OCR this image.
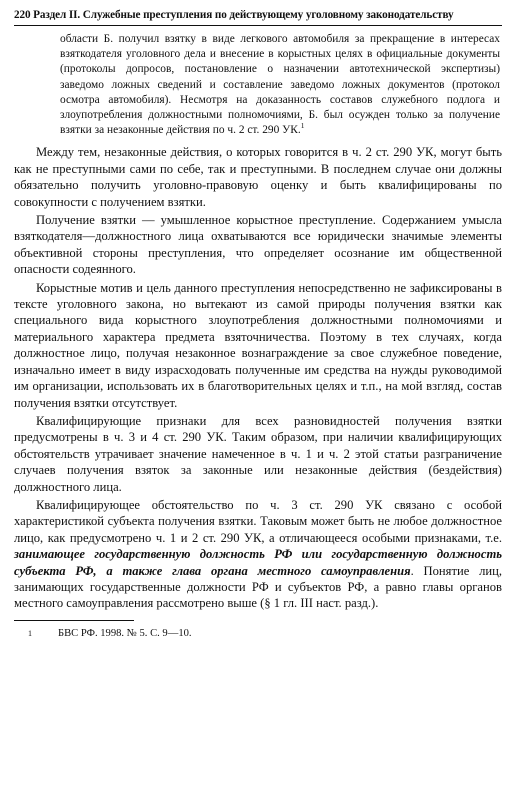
220 Раздел II. Служебные преступления по действующему уголовному законодательству
области Б. получил взятку в виде легкового автомобиля за прекращение в интересах взяткодателя уголовного дела и внесение в корыстных целях в официальные документы (протоколы допросов, постановление о назначении автотехнической экспертизы) заведомо ложных сведений и составление заведомо ложных документов (протокол осмотра автомобиля). Несмотря на доказанность составов служебного подлога и злоупотребления должностными полномочиями, Б. был осужден только за получение взятки за незаконные действия по ч. 2 ст. 290 УК.$^1$

Между тем, незаконные действия, о которых говорится в ч. 2 ст. 290 УК, могут быть как не преступными сами по себе, так и преступными. В последнем случае они должны обязательно получить уголовно-правовую оценку и быть квалифицированы по совокупности с получением взятки.

Получение взятки — умышленное корыстное преступление. Содержанием умысла взяткодателя—должностного лица охватываются все юридически значимые элементы объективной стороны преступления, что определяет осознание им общественной опасности содеянного.

Корыстные мотив и цель данного преступления непосредственно не зафиксированы в тексте уголовного закона, но вытекают из самой природы получения взятки как специального вида корыстного злоупотребления должностными полномочиями и материального характера предмета взяточничества. Поэтому в тех случаях, когда должностное лицо, получая незаконное вознаграждение за свое служебное поведение, изначально имеет в виду израсходовать полученные им средства на нужды руководимой им организации, использовать их в благотворительных целях и т.п., на мой взгляд, состав получения взятки отсутствует.

Квалифицирующие признаки для всех разновидностей получения взятки предусмотрены в ч. 3 и 4 ст. 290 УК. Таким образом, при наличии квалифицирующих обстоятельств утрачивает значение намеченное в ч. 1 и ч. 2 этой статьи разграничение случаев получения взяток за законные или незаконные действия (бездействия) должностного лица.

Квалифицирующее обстоятельство по ч. 3 ст. 290 УК связано с особой характеристикой субъекта получения взятки. Таковым может быть не любое должностное лицо, как предусмотрено ч. 1 и 2 ст. 290 УК, а отличающееся особыми признаками, т.е. занимающее государственную должность РФ или государственную должность субъекта РФ, а также глава органа местного самоуправления. Понятие лиц, занимающих государственные должности РФ и субъектов РФ, а равно главы органов местного самоуправления рассмотрено выше (§ 1 гл. III наст. разд.).

1 БВС РФ. 1998. № 5. С. 9—10.
